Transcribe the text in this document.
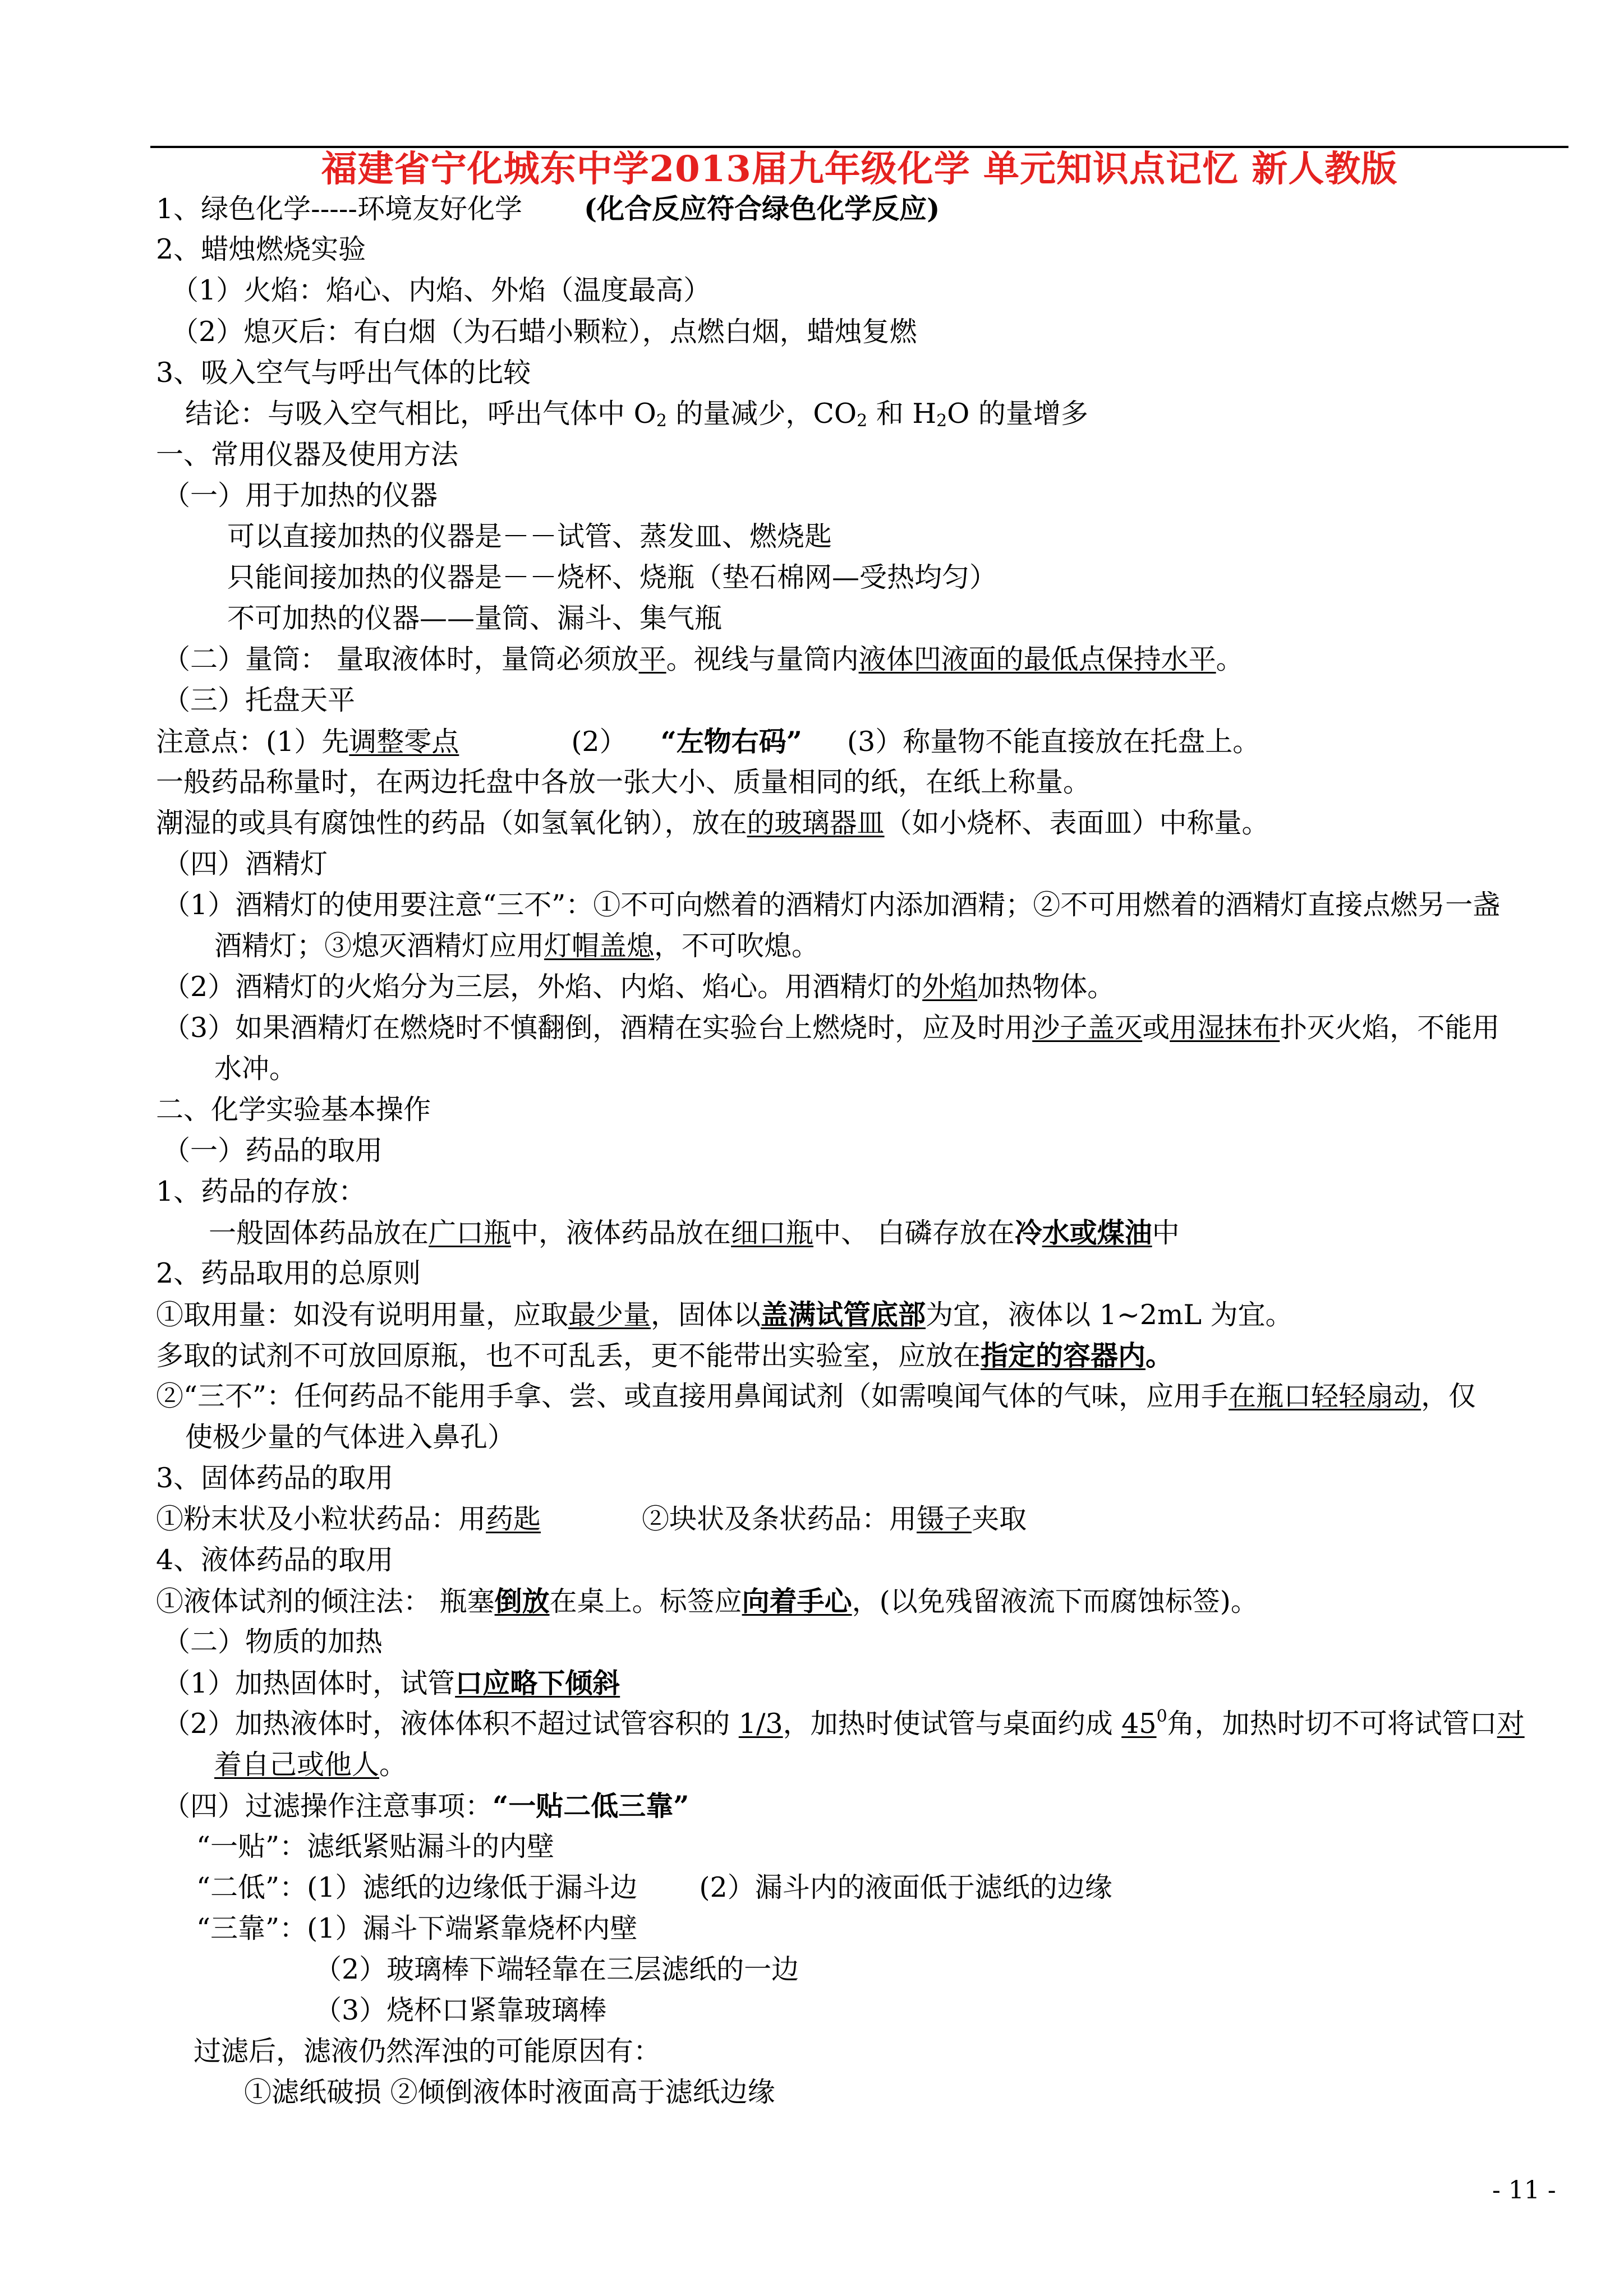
福建省宁化城东中学2013届九年级化学 单元知识点记忆 新人教版
1、绿色化学-----环境友好化学 (化合反应符合绿色化学反应)
2、蜡烛燃烧实验
（1）火焰：焰心、内焰、外焰（温度最高）
（2）熄灭后：有白烟（为石蜡小颗粒），点燃白烟，蜡烛复燃
3、吸入空气与呼出气体的比较
结论：与吸入空气相比，呼出气体中 $O_2$ 的量减少，$CO_2$ 和 $H_2O$ 的量增多
一、常用仪器及使用方法
（一）用于加热的仪器
可以直接加热的仪器是－－试管、蒸发皿、燃烧匙
只能间接加热的仪器是－－烧杯、烧瓶（垫石棉网—受热均匀）
不可加热的仪器——量筒、漏斗、集气瓶
（二）量筒： 量取液体时，量筒必须放平。视线与量筒内液体凹液面的最低点保持水平。
（三）托盘天平
注意点：(1）先调整零点	(2） “左物右码” (3）称量物不能直接放在托盘上。
一般药品称量时，在两边托盘中各放一张大小、质量相同的纸，在纸上称量。
潮湿的或具有腐蚀性的药品（如氢氧化钠），放在的玻璃器皿（如小烧杯、表面皿）中称量。
（四）酒精灯
（1）酒精灯的使用要注意“三不”：①不可向燃着的酒精灯内添加酒精；②不可用燃着的酒精灯直接点燃另一盏
酒精灯；③熄灭酒精灯应用灯帽盖熄，不可吹熄。
（2）酒精灯的火焰分为三层，外焰、内焰、焰心。用酒精灯的外焰加热物体。
（3）如果酒精灯在燃烧时不慎翻倒，酒精在实验台上燃烧时，应及时用沙子盖灭或用湿抹布扑灭火焰，不能用
水冲。
二、化学实验基本操作
（一）药品的取用
1、药品的存放：
一般固体药品放在广口瓶中，液体药品放在细口瓶中、 白磷存放在冷水或煤油中
2、药品取用的总原则
①取用量：如没有说明用量，应取最少量，固体以盖满试管底部为宜，液体以 1~2mL 为宜。
多取的试剂不可放回原瓶，也不可乱丢，更不能带出实验室，应放在指定的容器内。
②“三不”：任何药品不能用手拿、尝、或直接用鼻闻试剂（如需嗅闻气体的气味，应用手在瓶口轻轻扇动，仅
使极少量的气体进入鼻孔）
3、固体药品的取用
①粉末状及小粒状药品：用药匙	②块状及条状药品：用镊子夹取
4、液体药品的取用
①液体试剂的倾注法： 瓶塞倒放在桌上。标签应向着手心，(以免残留液流下而腐蚀标签)。
（二）物质的加热
（1）加热固体时，试管口应略下倾斜
（2）加热液体时，液体体积不超过试管容积的 1/3，加热时使试管与桌面约成 $45^0$角，加热时切不可将试管口对
着自己或他人。
（四）过滤操作注意事项：“一贴二低三靠”
“一贴”：滤纸紧贴漏斗的内壁
“二低”：(1）滤纸的边缘低于漏斗边 (2）漏斗内的液面低于滤纸的边缘
“三靠”：(1）漏斗下端紧靠烧杯内壁
（2）玻璃棒下端轻靠在三层滤纸的一边
（3）烧杯口紧靠玻璃棒
过滤后，滤液仍然浑浊的可能原因有：
①滤纸破损 ②倾倒液体时液面高于滤纸边缘
- 11 -
